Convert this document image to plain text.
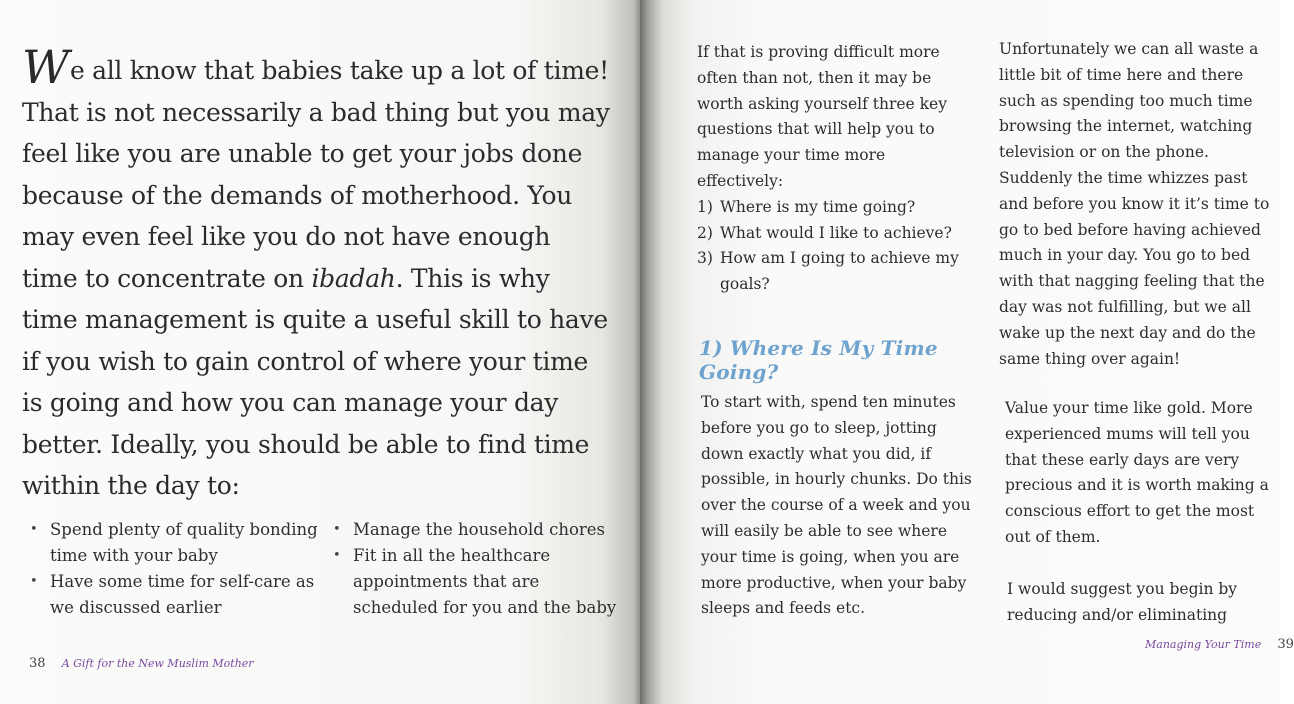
We all know that babies take up a lot of time! That is not necessarily a bad thing but you may feel like you are unable to get your jobs done because of the demands of motherhood. You may even feel like you do not have enough time to concentrate on ibadah. This is why time management is quite a useful skill to have if you wish to gain control of where your time is going and how you can manage your day better. Ideally, you should be able to find time within the day to:

• Spend plenty of quality bonding time with your baby
• Have some time for self-care as we discussed earlier
• Manage the household chores
• Fit in all the healthcare appointments that are scheduled for you and the baby
38 A Gift for the New Muslim Mother

If that is proving difficult more often than not, then it may be worth asking yourself three key questions that will help you to manage your time more effectively:

1) Where is my time going?
2) What would I like to achieve?
3) How am I going to achieve my goals?
1) Where Is My Time Going?

To start with, spend ten minutes before you go to sleep, jotting down exactly what you did, if possible, in hourly chunks. Do this over the course of a week and you will easily be able to see where your time is going, when you are more productive, when your baby sleeps and feeds etc.

Unfortunately we can all waste a little bit of time here and there such as spending too much time browsing the internet, watching television or on the phone. Suddenly the time whizzes past and before you know it it’s time to go to bed before having achieved much in your day. You go to bed with that nagging feeling that the day was not fulfilling, but we all wake up the next day and do the same thing over again!

Value your time like gold. More experienced mums will tell you that these early days are very precious and it is worth making a conscious effort to get the most out of them.

I would suggest you begin by reducing and/or eliminating

Managing Your Time 39
